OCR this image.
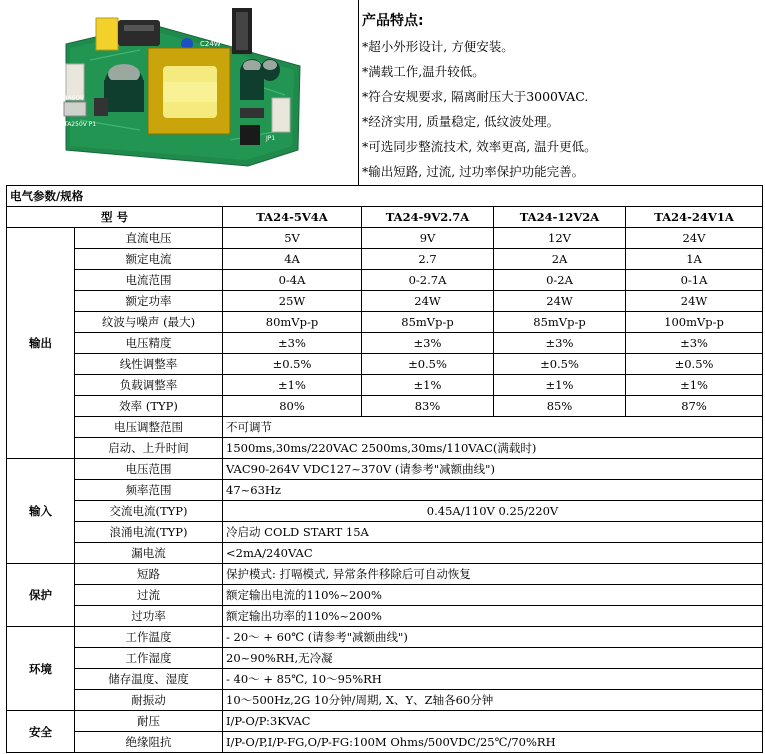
C24W
T4ASOV
TA250V P1
JP1
产品特点:
*超小外形设计, 方便安装。
*满载工作,温升较低。
*符合安规要求, 隔离耐压大于3000VAC.
*经济实用, 质量稳定, 低纹波处理。
*可选同步整流技术, 效率更高, 温升更低。
*输出短路, 过流, 过功率保护功能完善。
电气参数/规格					
型 号		TA24-5V4A	TA24-9V2.7A	TA24-12V2A	TA24-24V1A
输出	直流电压	5V	9V	12V	24V
	额定电流	4A	2.7	2A	1A
	电流范围	0-4A	0-2.7A	0-2A	0-1A
	额定功率	25W	24W	24W	24W
	纹波与噪声 (最大)	80mVp-p	85mVp-p	85mVp-p	100mVp-p
	电压精度	±3%	±3%	±3%	±3%
	线性调整率	±0.5%	±0.5%	±0.5%	±0.5%
	负载调整率	±1%	±1%	±1%	±1%
	效率 (TYP)	80%	83%	85%	87%
	电压调整范围	不可调节			
	启动、上升时间	1500ms,30ms/220VAC 2500ms,30ms/110VAC(满载时)			
输入	电压范围	VAC90-264V VDC127~370V (请参考"减额曲线")			
	频率范围	47~63Hz			
	交流电流(TYP)	0.45A/110V 0.25/220V			
	浪涌电流(TYP)	冷启动 COLD START 15A			
	漏电流	<2mA/240VAC			
保护	短路	保护模式: 打嗝模式, 异常条件移除后可自动恢复			
	过流	额定输出电流的110%~200%			
	过功率	额定输出功率的110%~200%			
环境	工作温度	- 20～ + 60℃ (请参考"减额曲线")			
	工作湿度	20~90%RH,无冷凝			
	储存温度、湿度	- 40～ + 85℃, 10～95%RH			
	耐振动	10～500Hz,2G 10分钟/周期, X、Y、Z轴各60分钟			
安全	耐压	I/P-O/P:3KVAC			
	绝缘阻抗	I/P-O/P,I/P-FG,O/P-FG:100M Ohms/500VDC/25℃/70%RH			
